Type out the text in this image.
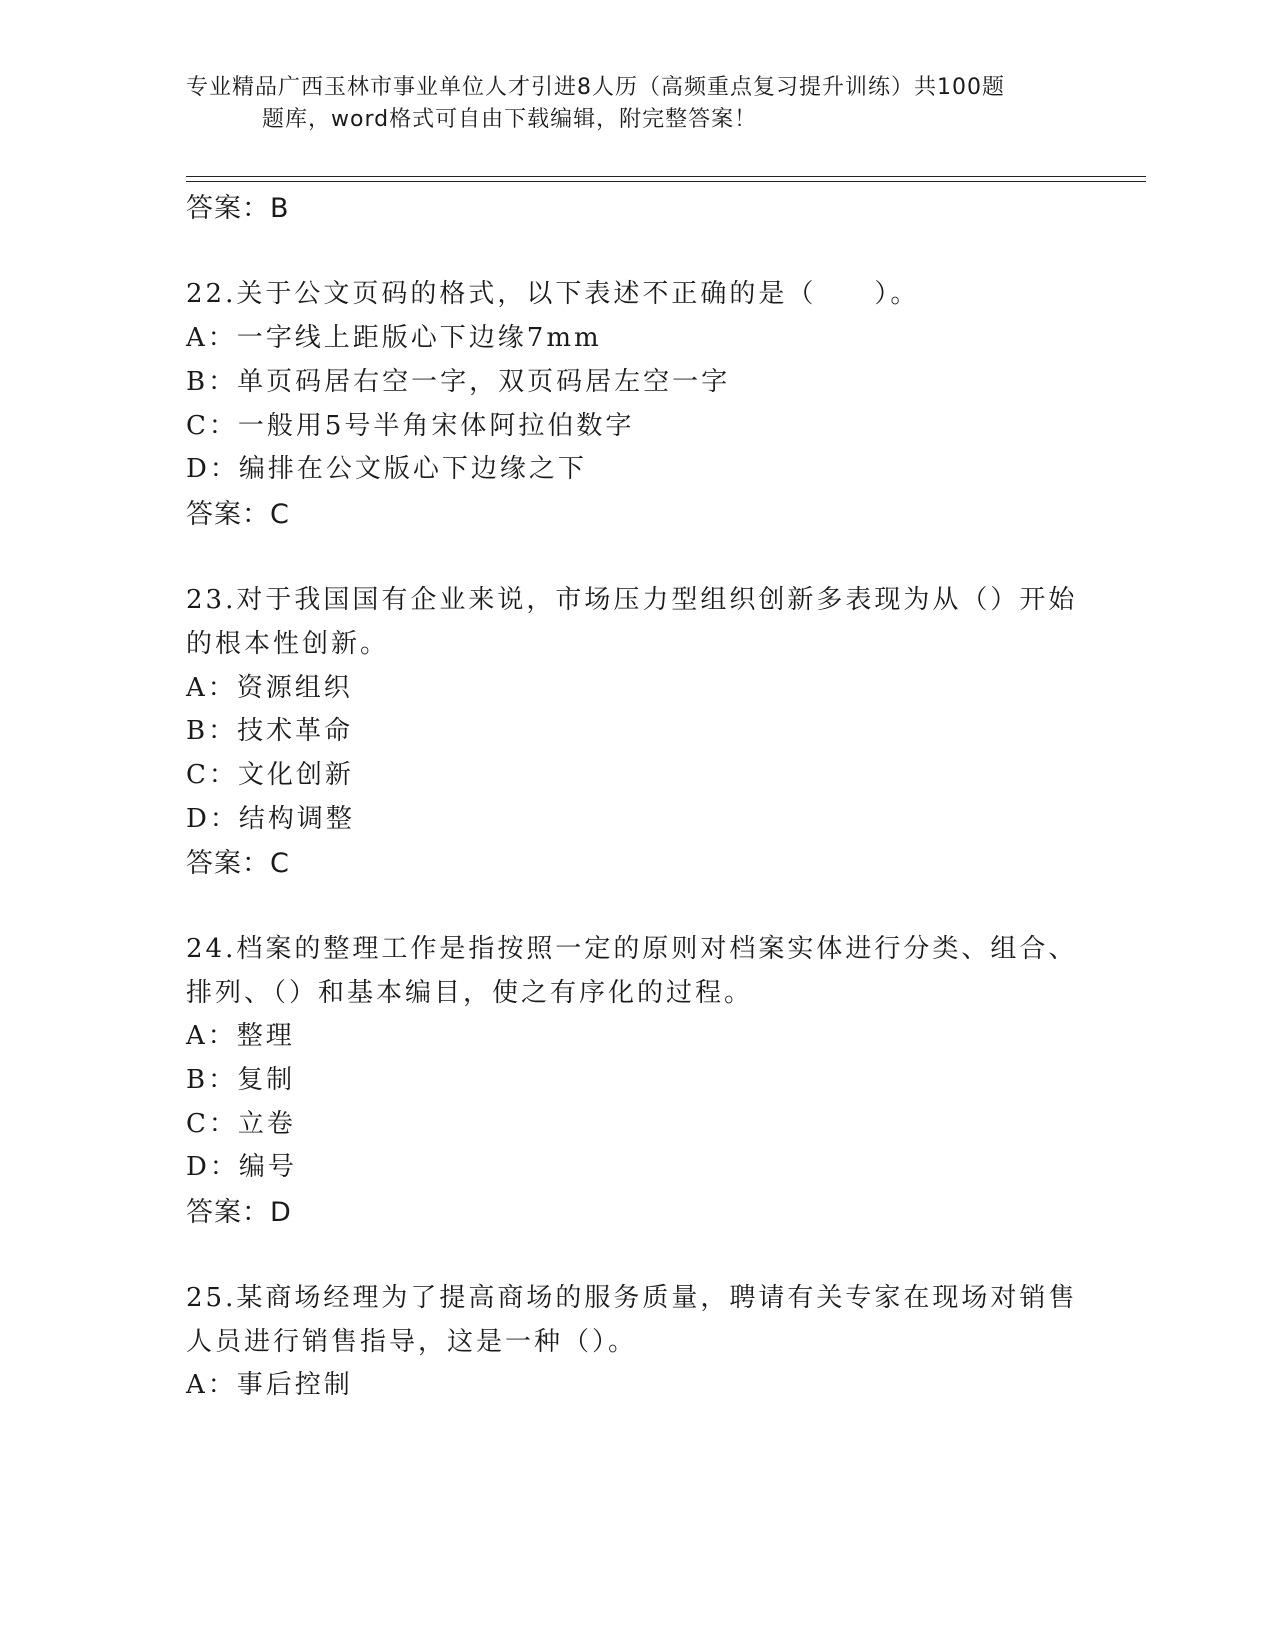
专业精品广西玉林市事业单位人才引进8人历（高频重点复习提升训练）共100题
题库，word格式可自由下载编辑，附完整答案！
答案：B
22.关于公文页码的格式，以下表述不正确的是（　　）。
A：一字线上距版心下边缘7mm
B：单页码居右空一字，双页码居左空一字
C：一般用5号半角宋体阿拉伯数字
D：编排在公文版心下边缘之下
答案：C
23.对于我国国有企业来说，市场压力型组织创新多表现为从（）开始
的根本性创新。
A：资源组织
B：技术革命
C：文化创新
D：结构调整
答案：C
24.档案的整理工作是指按照一定的原则对档案实体进行分类、组合、
排列、（）和基本编目，使之有序化的过程。
A：整理
B：复制
C：立卷
D：编号
答案：D
25.某商场经理为了提高商场的服务质量，聘请有关专家在现场对销售
人员进行销售指导，这是一种（）。
A：事后控制
